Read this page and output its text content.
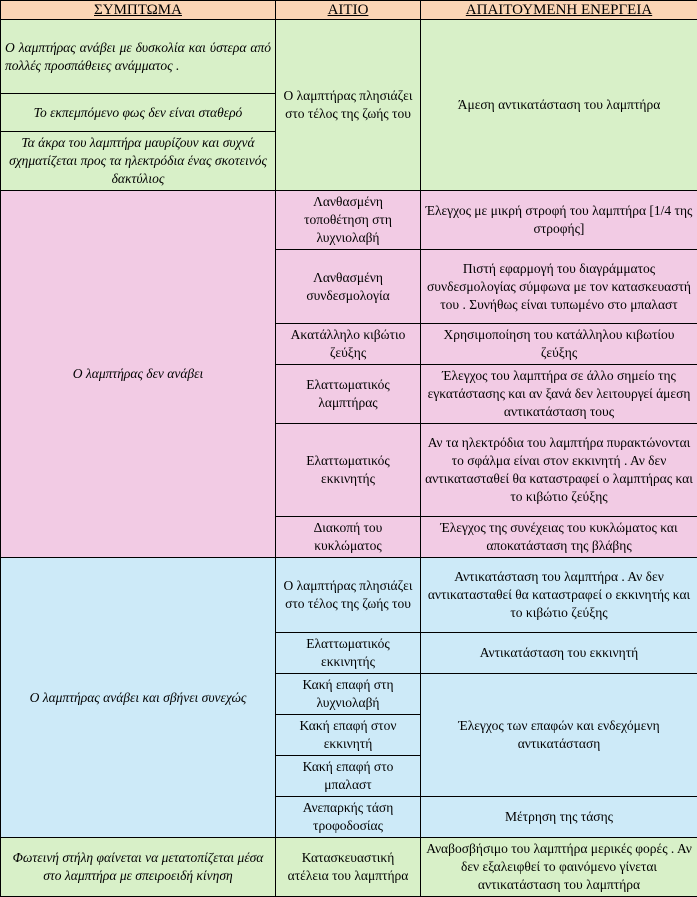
ΣΥΜΠΤΩΜΑ	ΑΙΤΙΟ	ΑΠΑΙΤΟΥΜΕΝΗ ΕΝΕΡΓΕΙΑ
Ο λαμπτήρας ανάβει με δυσκολία και ύστερα από πολλές προσπάθειες ανάμματος .	Ο λαμπτήρας πλησιάζει στο τέλος της ζωής του	Άμεση αντικατάσταση του λαμπτήρα
Το εκπεμπόμενο φως δεν είναι σταθερό		
Τα άκρα του λαμπτήρα μαυρίζουν και συχνά σχηματίζεται προς τα ηλεκτρόδια ένας σκοτεινός δακτύλιος		
Ο λαμπτήρας δεν ανάβει	Λανθασμένη τοποθέτηση στη λυχνιολαβή	Έλεγχος με μικρή στροφή του λαμπτήρα [1/4 της στροφής]
	Λανθασμένη συνδεσμολογία	Πιστή εφαρμογή του διαγράμματος συνδεσμολογίας σύμφωνα με τον κατασκευαστή του . Συνήθως είναι τυπωμένο στο μπαλαστ
	Ακατάλληλο κιβώτιο ζεύξης	Χρησιμοποίηση του κατάλληλου κιβωτίου ζεύξης
	Ελαττωματικός λαμπτήρας	Έλεγχος του λαμπτήρα σε άλλο σημείο της εγκατάστασης και αν ξανά δεν λειτουργεί άμεση αντικατάσταση τους
	Ελαττωματικός εκκινητής	Αν τα ηλεκτρόδια του λαμπτήρα πυρακτώνονται το σφάλμα είναι στον εκκινητή . Αν δεν αντικατασταθεί θα καταστραφεί ο λαμπτήρας και το κιβώτιο ζεύξης
	Διακοπή του κυκλώματος	Έλεγχος της συνέχειας του κυκλώματος και αποκατάσταση της βλάβης
Ο λαμπτήρας ανάβει και σβήνει συνεχώς	Ο λαμπτήρας πλησιάζει στο τέλος της ζωής του	Αντικατάσταση του λαμπτήρα . Αν δεν αντικατασταθεί θα καταστραφεί ο εκκινητής και το κιβώτιο ζεύξης
	Ελαττωματικός εκκινητής	Αντικατάσταση του εκκινητή
	Κακή επαφή στη λυχνιολαβή	Έλεγχος των επαφών και ενδεχόμενη αντικατάσταση
	Κακή επαφή στον εκκινητή	
	Κακή επαφή στο μπαλαστ	
	Ανεπαρκής τάση τροφοδοσίας	Μέτρηση της τάσης
Φωτεινή στήλη φαίνεται να μετατοπίζεται μέσα στο λαμπτήρα με σπειροειδή κίνηση	Κατασκευαστική ατέλεια του λαμπτήρα	Αναβοσβήσιμο του λαμπτήρα μερικές φορές . Αν δεν εξαλειφθεί το φαινόμενο γίνεται αντικατάσταση του λαμπτήρα
